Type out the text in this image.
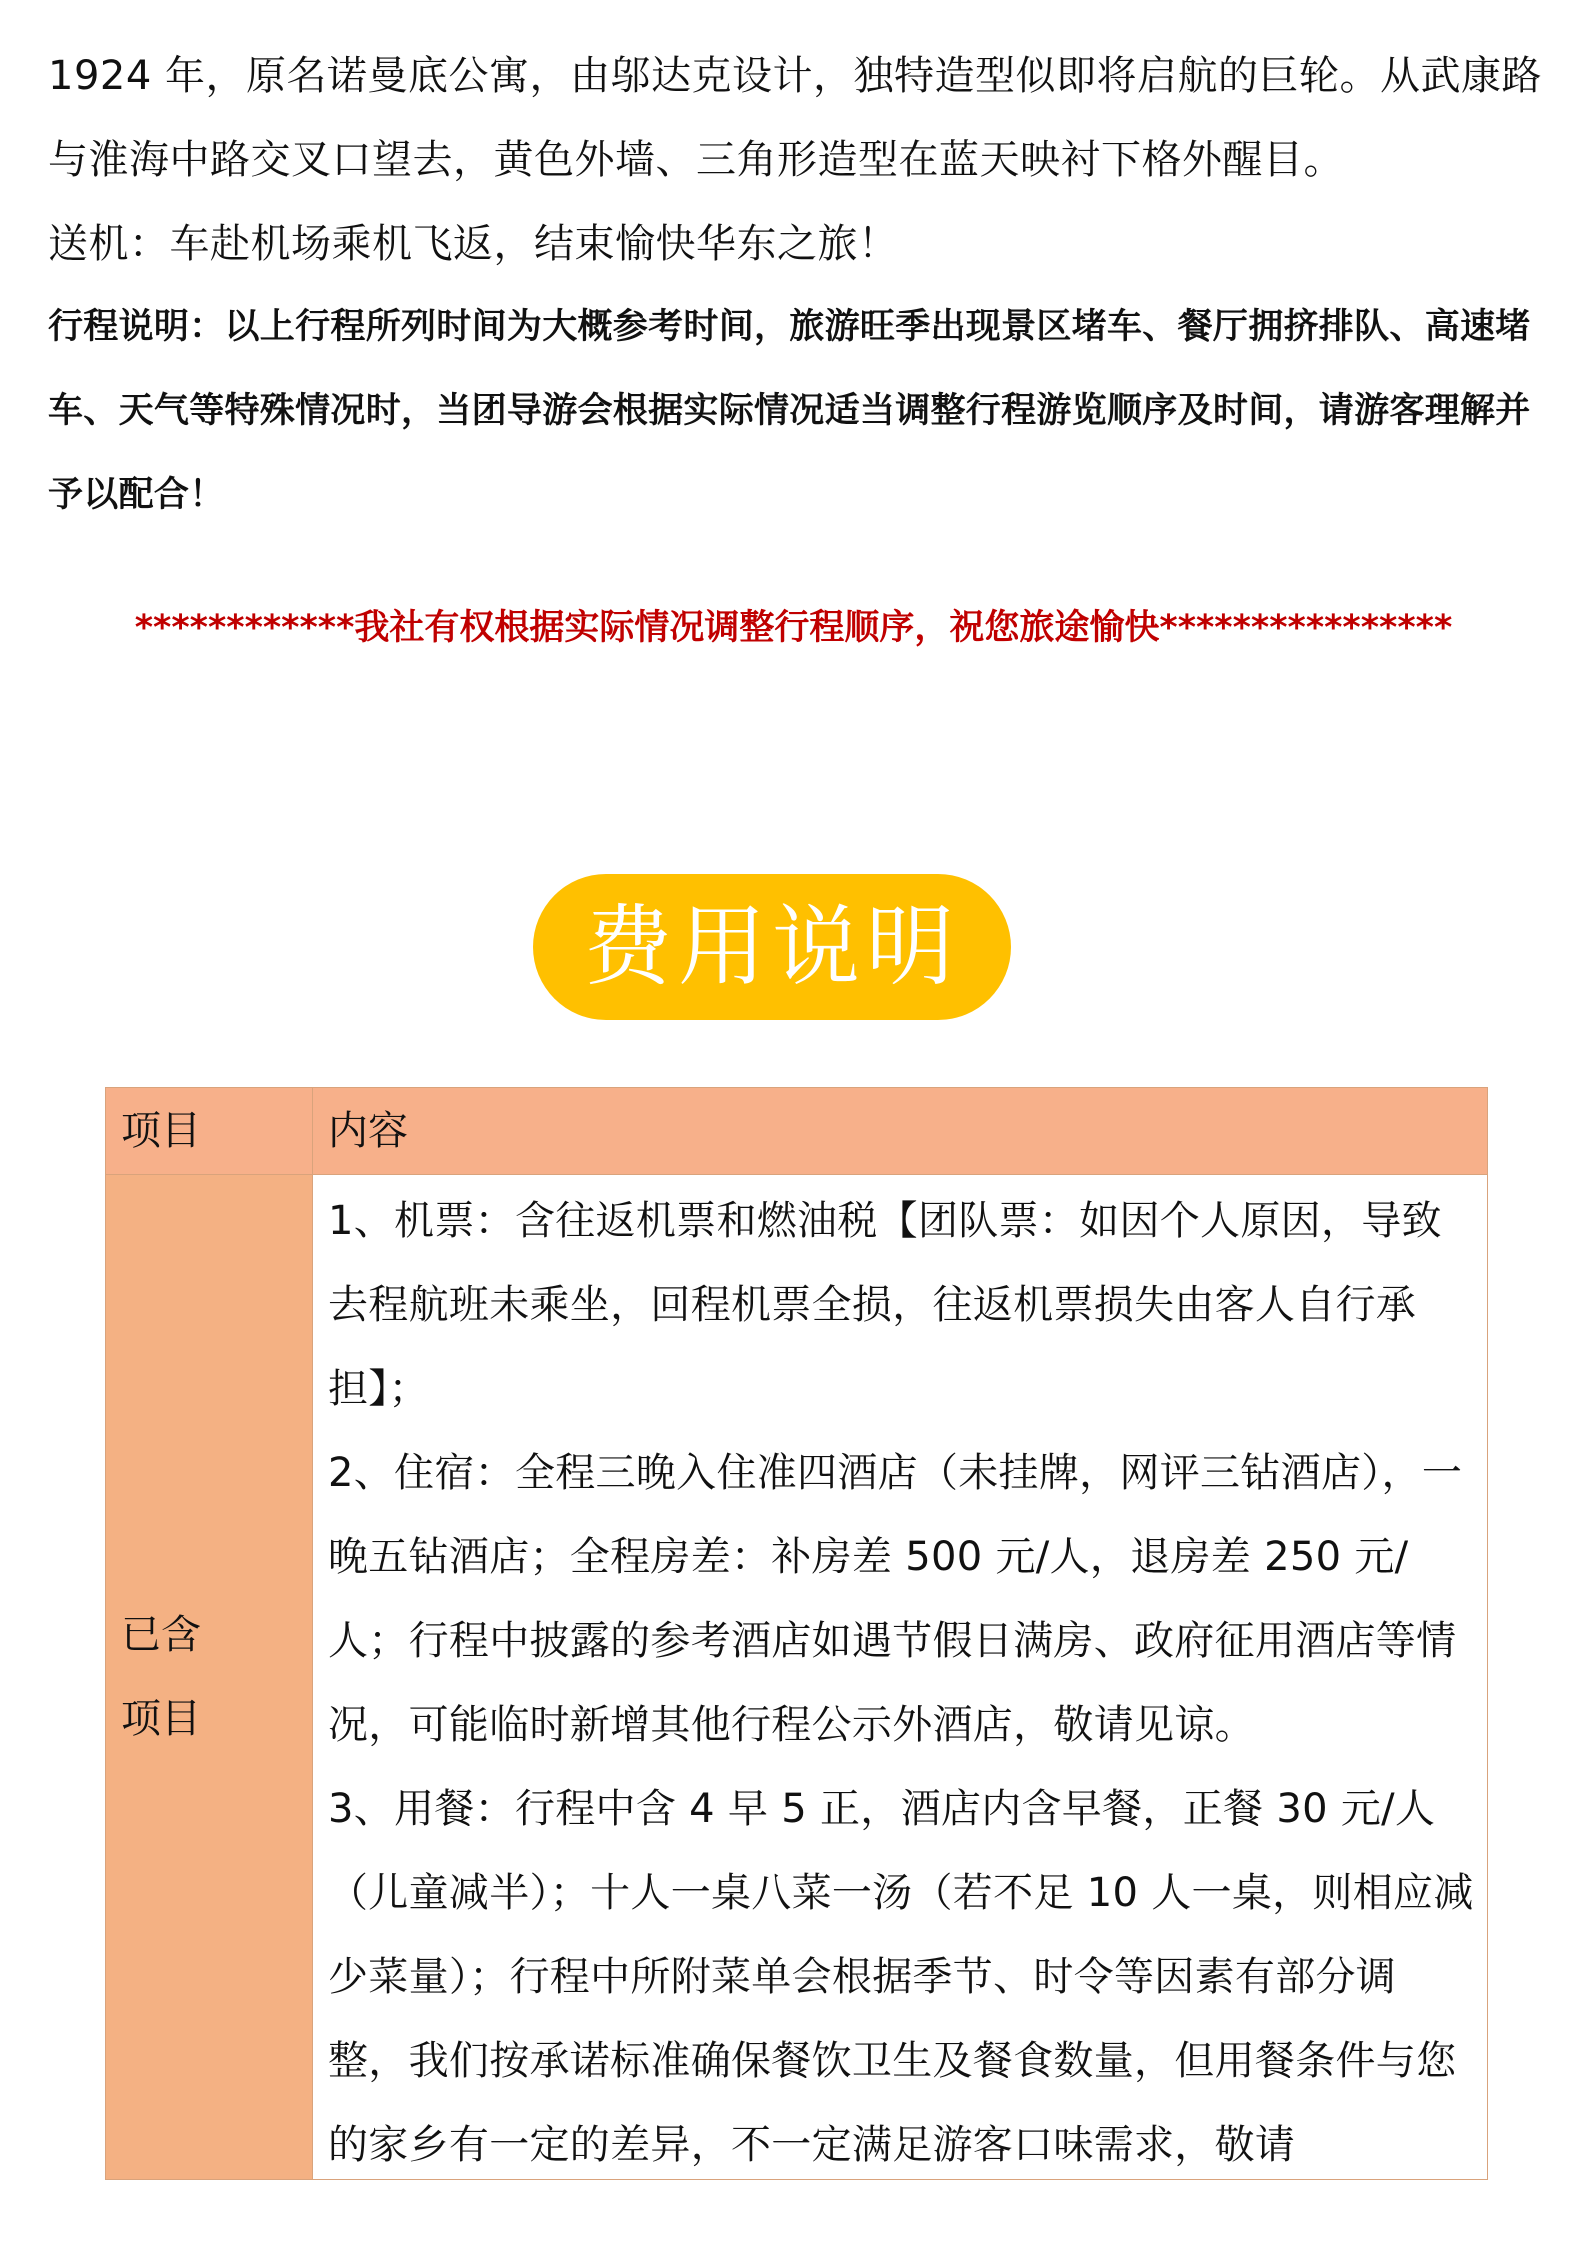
1924 年，原名诺曼底公寓，由邬达克设计，独特造型似即将启航的巨轮。从武康路与淮海中路交叉口望去，黄色外墙、三角形造型在蓝天映衬下格外醒目。

送机：车赴机场乘机飞返，结束愉快华东之旅！

行程说明：以上行程所列时间为大概参考时间，旅游旺季出现景区堵车、餐厅拥挤排队、高速堵车、天气等特殊情况时，当团导游会根据实际情况适当调整行程游览顺序及时间，请游客理解并予以配合！

************我社有权根据实际情况调整行程顺序，祝您旅途愉快****************

费用说明
项目	内容

已含项目	1、机票：含往返机票和燃油税【团队票：如因个人原因，导致去程航班未乘坐，回程机票全损，往返机票损失由客人自行承担】；

2、住宿：全程三晚入住准四酒店（未挂牌，网评三钻酒店），一晚五钻酒店；全程房差：补房差 500 元/人，退房差 250 元/人；行程中披露的参考酒店如遇节假日满房、政府征用酒店等情况，可能临时新增其他行程公示外酒店，敬请见谅。

3、用餐：行程中含 4 早 5 正，酒店内含早餐，正餐 30 元/人（儿童减半）；十人一桌八菜一汤（若不足 10 人一桌，则相应减少菜量）；行程中所附菜单会根据季节、时令等因素有部分调整，我们按承诺标准确保餐饮卫生及餐食数量，但用餐条件与您的家乡有一定的差异，不一定满足游客口味需求，敬请
